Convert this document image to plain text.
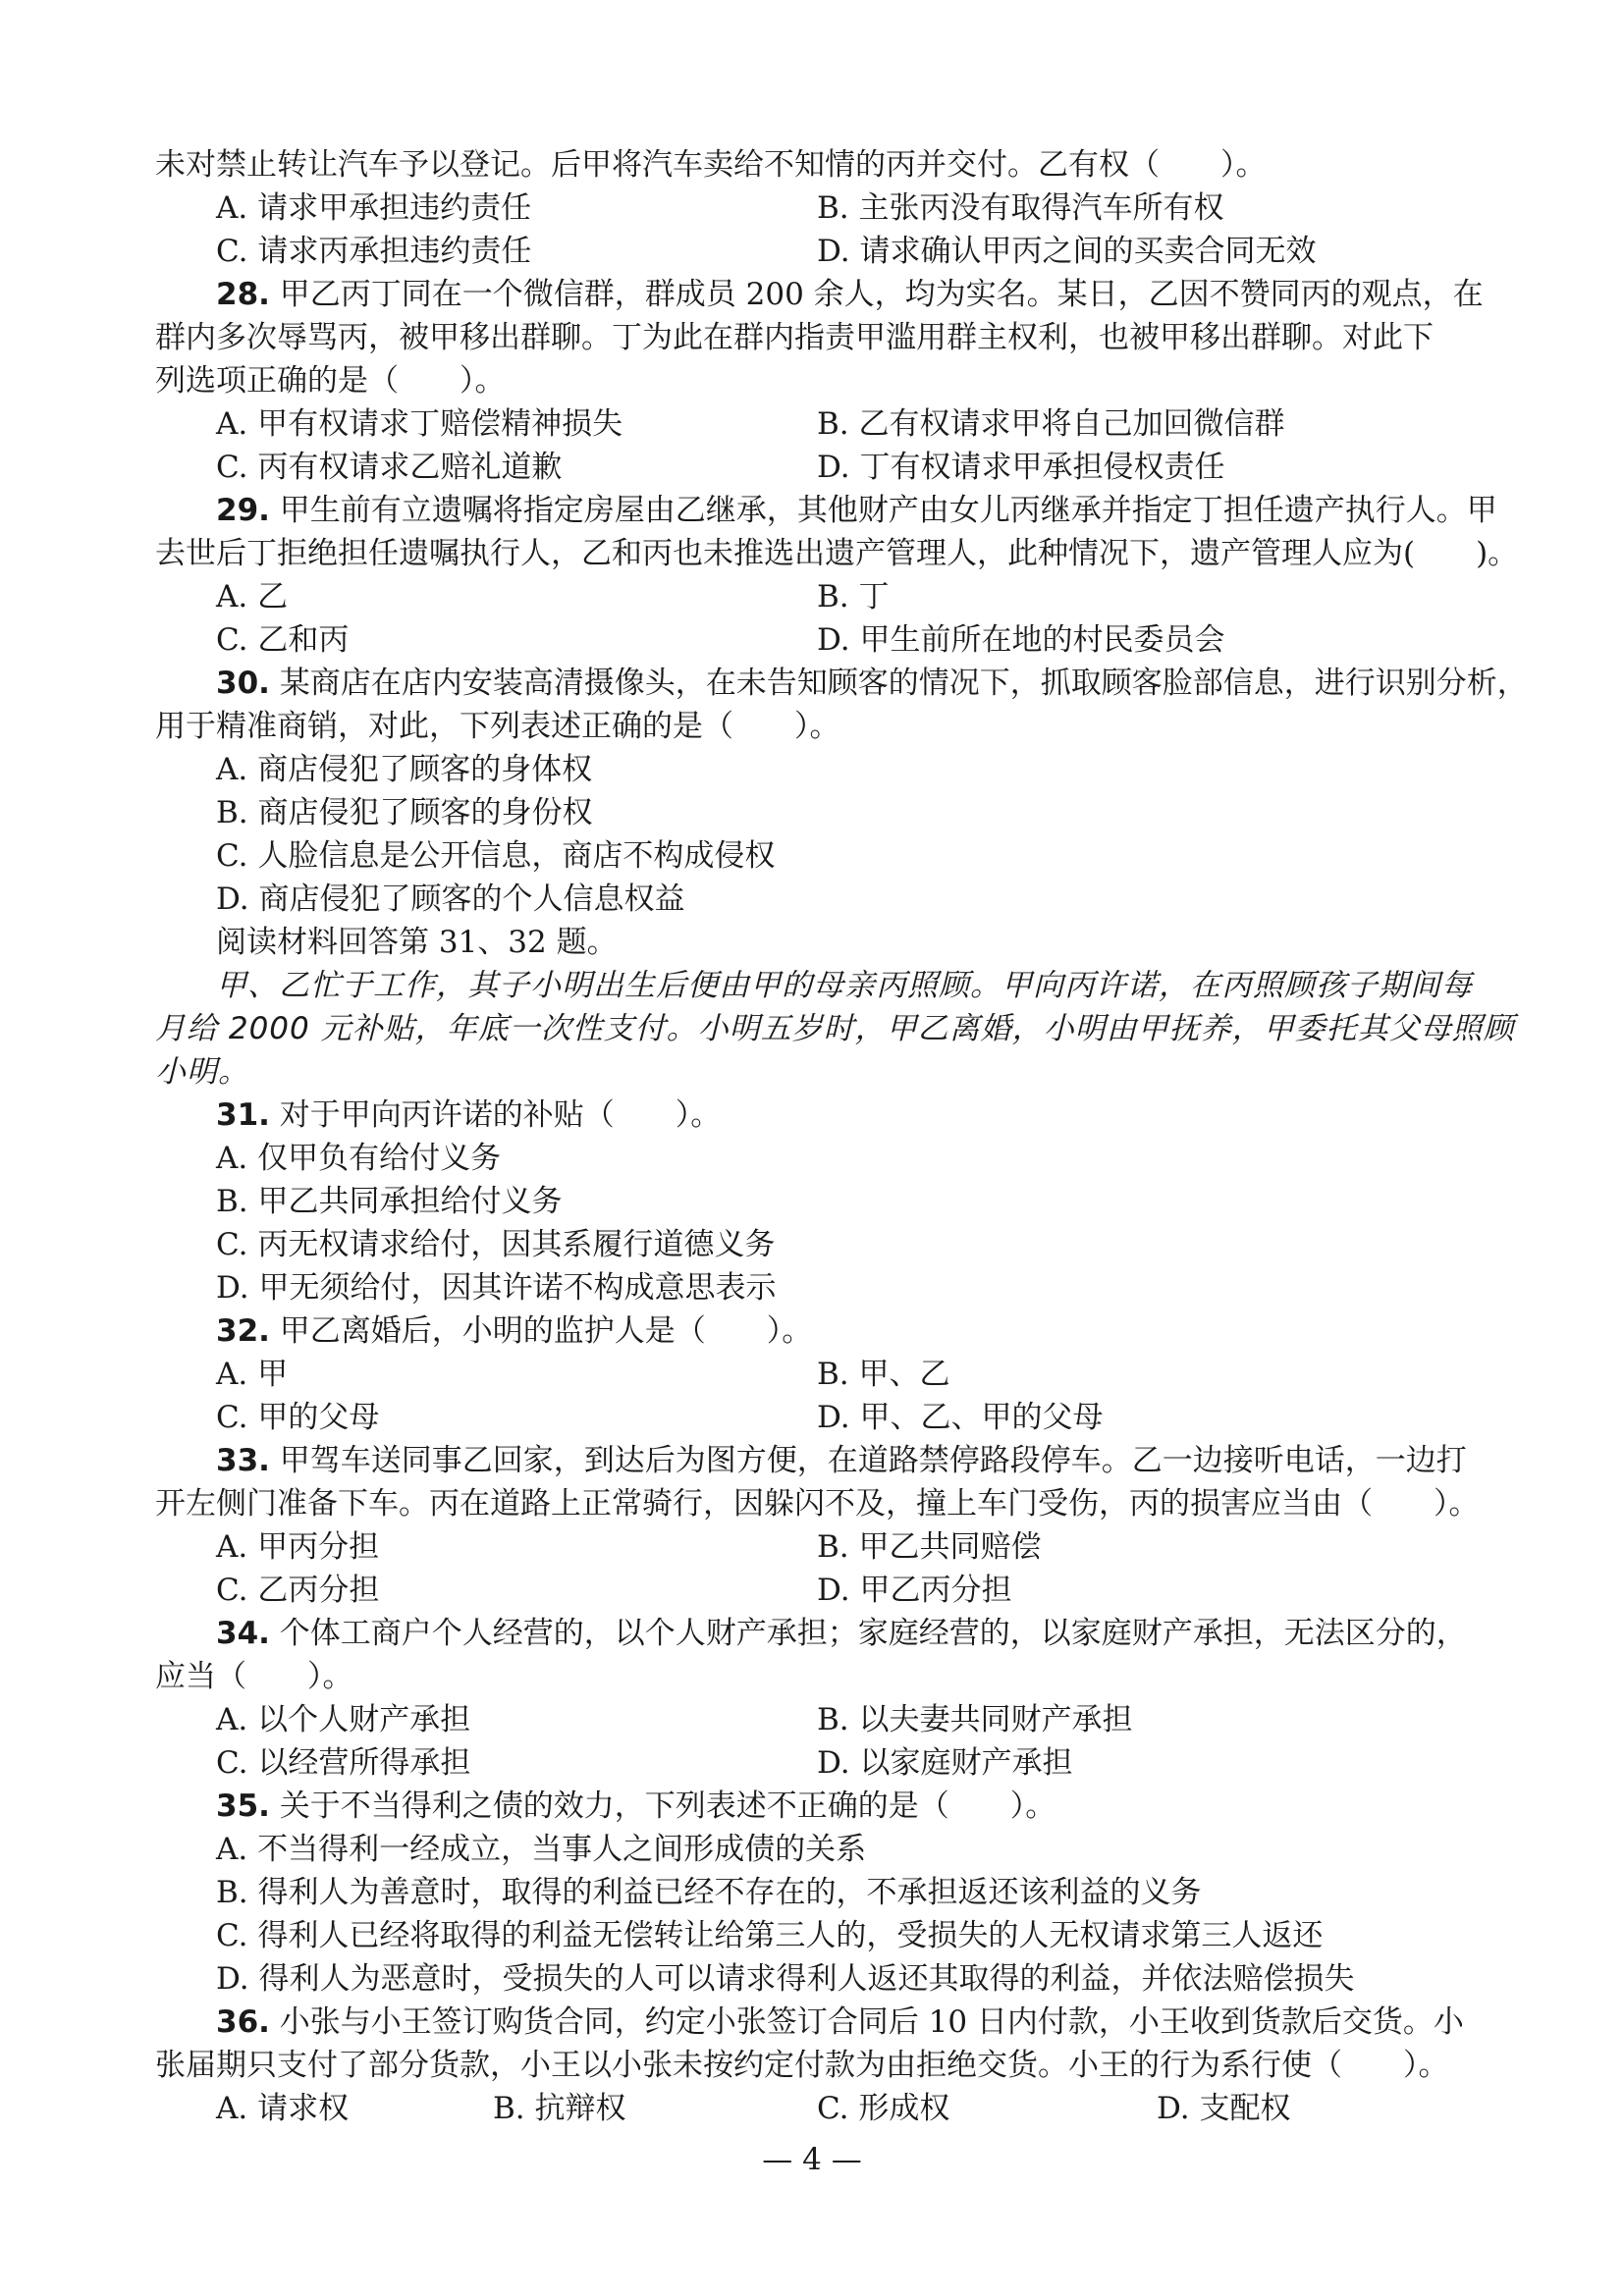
未对禁止转让汽车予以登记。后甲将汽车卖给不知情的丙并交付。乙有权（　　）。
A. 请求甲承担违约责任	B. 主张丙没有取得汽车所有权
C. 请求丙承担违约责任	D. 请求确认甲丙之间的买卖合同无效
28. 甲乙丙丁同在一个微信群，群成员 200 余人，均为实名。某日，乙因不赞同丙的观点，在
群内多次辱骂丙，被甲移出群聊。丁为此在群内指责甲滥用群主权利，也被甲移出群聊。对此下
列选项正确的是（　　）。
A. 甲有权请求丁赔偿精神损失	B. 乙有权请求甲将自己加回微信群
C. 丙有权请求乙赔礼道歉	D. 丁有权请求甲承担侵权责任
29. 甲生前有立遗嘱将指定房屋由乙继承，其他财产由女儿丙继承并指定丁担任遗产执行人。甲
去世后丁拒绝担任遗嘱执行人，乙和丙也未推选出遗产管理人，此种情况下，遗产管理人应为(　　)。
A. 乙	B. 丁
C. 乙和丙	D. 甲生前所在地的村民委员会
30. 某商店在店内安装高清摄像头，在未告知顾客的情况下，抓取顾客脸部信息，进行识别分析，
用于精准商销，对此，下列表述正确的是（　　）。
A. 商店侵犯了顾客的身体权
B. 商店侵犯了顾客的身份权
C. 人脸信息是公开信息，商店不构成侵权
D. 商店侵犯了顾客的个人信息权益
阅读材料回答第 31、32 题。
甲、乙忙于工作，其子小明出生后便由甲的母亲丙照顾。甲向丙许诺，在丙照顾孩子期间每
月给 2000 元补贴，年底一次性支付。小明五岁时，甲乙离婚，小明由甲抚养，甲委托其父母照顾
小明。
31. 对于甲向丙许诺的补贴（　　）。
A. 仅甲负有给付义务
B. 甲乙共同承担给付义务
C. 丙无权请求给付，因其系履行道德义务
D. 甲无须给付，因其许诺不构成意思表示
32. 甲乙离婚后，小明的监护人是（　　）。
A. 甲	B. 甲、乙
C. 甲的父母	D. 甲、乙、甲的父母
33. 甲驾车送同事乙回家，到达后为图方便，在道路禁停路段停车。乙一边接听电话，一边打
开左侧门准备下车。丙在道路上正常骑行，因躲闪不及，撞上车门受伤，丙的损害应当由（　　）。
A. 甲丙分担	B. 甲乙共同赔偿
C. 乙丙分担	D. 甲乙丙分担
34. 个体工商户个人经营的，以个人财产承担；家庭经营的，以家庭财产承担，无法区分的，
应当（　　）。
A. 以个人财产承担	B. 以夫妻共同财产承担
C. 以经营所得承担	D. 以家庭财产承担
35. 关于不当得利之债的效力，下列表述不正确的是（　　）。
A. 不当得利一经成立，当事人之间形成债的关系
B. 得利人为善意时，取得的利益已经不存在的，不承担返还该利益的义务
C. 得利人已经将取得的利益无偿转让给第三人的，受损失的人无权请求第三人返还
D. 得利人为恶意时，受损失的人可以请求得利人返还其取得的利益，并依法赔偿损失
36. 小张与小王签订购货合同，约定小张签订合同后 10 日内付款，小王收到货款后交货。小
张届期只支付了部分货款，小王以小张未按约定付款为由拒绝交货。小王的行为系行使（　　）。
A. 请求权	B. 抗辩权	C. 形成权	D. 支配权
— 4 —
